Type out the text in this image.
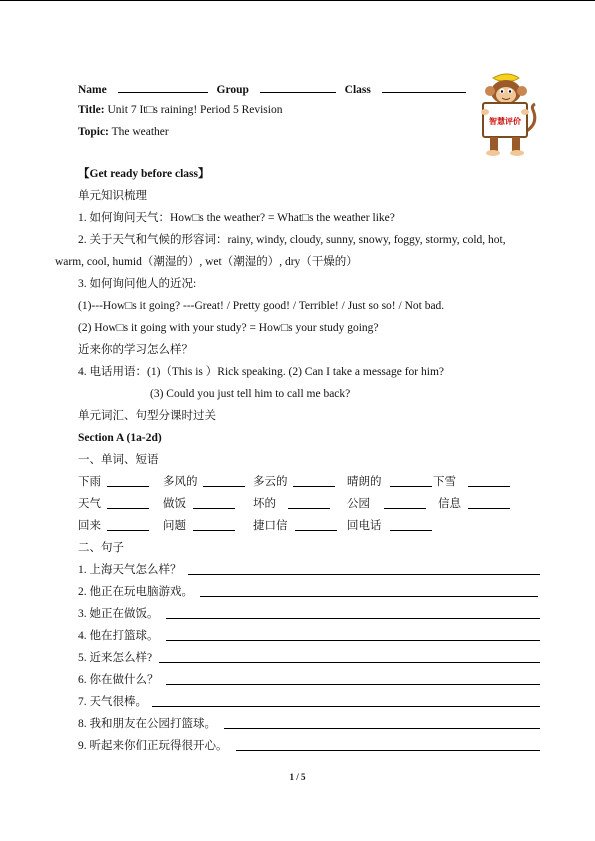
Name	Group	Class
Title: Unit 7 It□s raining! Period 5 Revision
Topic: The weather
智慧评价
【Get ready before class】
单元知识梳理
1. 如何询问天气：How□s the weather? = What□s the weather like?
2. 关于天气和气候的形容词：rainy, windy, cloudy, sunny, snowy, foggy, stormy, cold, hot,
warm, cool, humid（潮湿的）, wet（潮湿的）, dry（干燥的）
3. 如何询问他人的近况:
(1)---How□s it going? ---Great! / Pretty good! / Terrible! / Just so so! / Not bad.
(2) How□s it going with your study? = How□s your study going?
近来你的学习怎么样？
4. 电话用语：(1)（This is ）Rick speaking. (2) Can I take a message for him?
(3) Could you just tell him to call me back?
单元词汇、句型分课时过关
Section A (1a-2d)
一、单词、短语
下雨	多风的	多云的	晴朗的	下雪
天气	做饭	坏的	公园	信息
回来	问题	捷口信	回电话
二、句子
1. 上海天气怎么样？
2. 他正在玩电脑游戏。
3. 她正在做饭。
4. 他在打篮球。
5. 近来怎么样?
6. 你在做什么？
7. 天气很棒。
8. 我和朋友在公园打篮球。
9. 听起来你们正玩得很开心。
1 / 5
